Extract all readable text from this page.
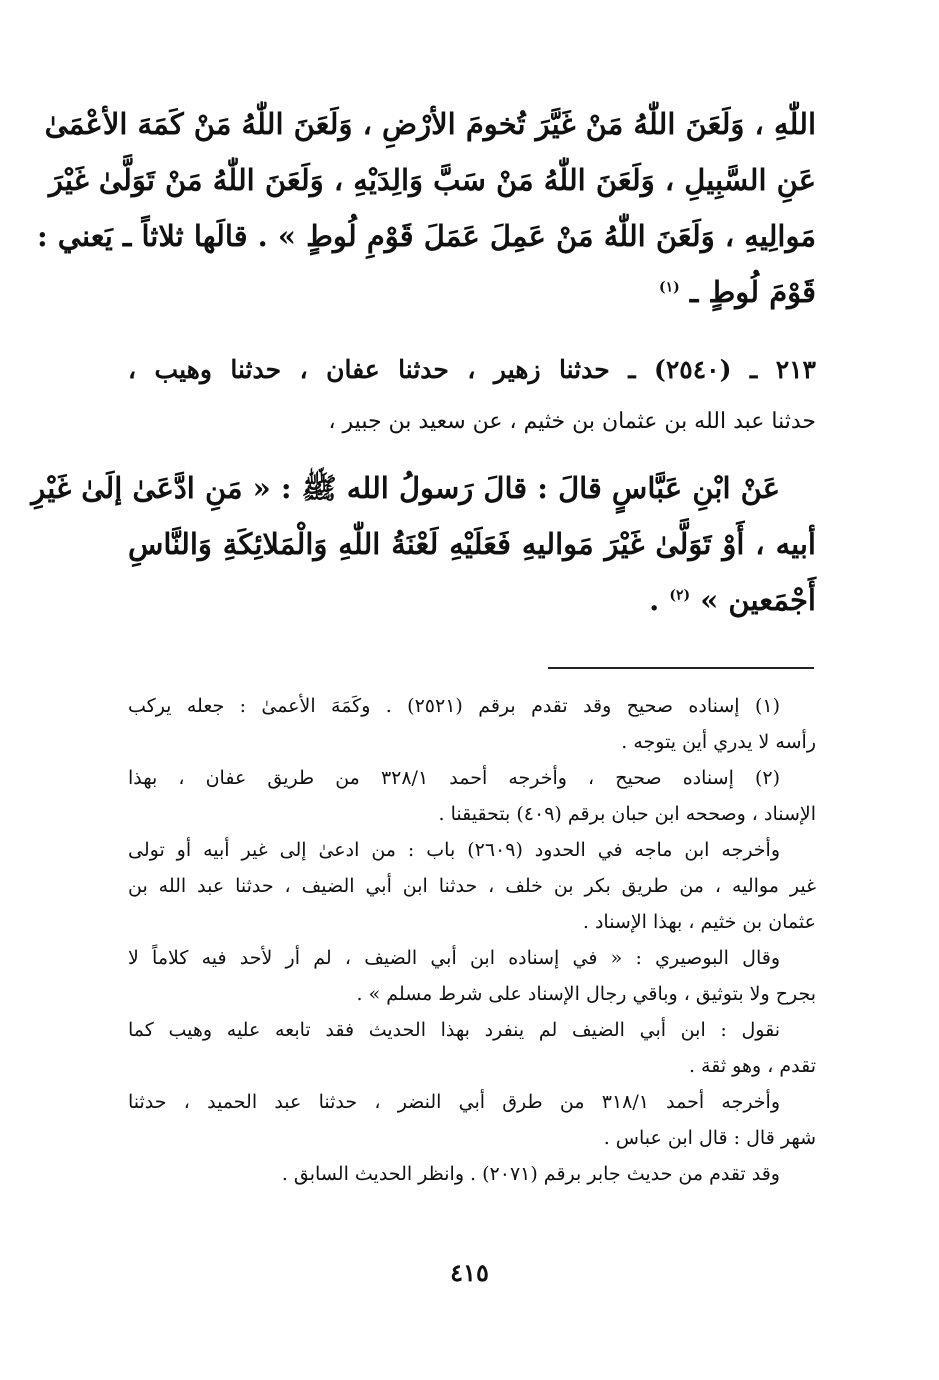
اللّٰهِ ، وَلَعَنَ اللّٰهُ مَنْ غَيَّرَ تُخومَ الأرْضِ ، وَلَعَنَ اللّٰهُ مَنْ كَمَهَ الأعْمَىٰ
عَنِ السَّبِيلِ ، وَلَعَنَ اللّٰهُ مَنْ سَبَّ وَالِدَيْهِ ، وَلَعَنَ اللّٰهُ مَنْ تَوَلَّىٰ غَيْرَ
مَوالِيهِ ، وَلَعَنَ اللّٰهُ مَنْ عَمِلَ عَمَلَ قَوْمِ لُوطٍ » . قالَها ثلاثاً ـ يَعني :
قَوْمَ لُوطٍ ـ $^{(١)}$
٢١٣ ـ (٢٥٤٠) ـ حدثنا زهير ، حدثنا عفان ، حدثنا وهيب ،
حدثنا عبد الله بن عثمان بن خثيم ، عن سعيد بن جبير ،
عَنْ ابْنِ عَبَّاسٍ قالَ : قالَ رَسولُ الله ﷺ : « مَنِ ادَّعَىٰ إلَىٰ غَيْرِ
أبيه ، أَوْ تَوَلَّىٰ غَيْرَ مَواليهِ فَعَلَيْهِ لَعْنَةُ اللّٰهِ وَالْمَلائِكَةِ وَالنَّاسِ
أَجْمَعين » $^{(٢)}$ .
(١) إسناده صحيح وقد تقدم برقم (٢٥٢١) . وكَمَهَ الأعمىٰ : جعله يركب
رأسه لا يدري أين يتوجه .
(٢) إسناده صحيح ، وأخرجه أحمد ٣٢٨/١ من طريق عفان ، بهذا
الإسناد ، وصححه ابن حبان برقم (٤٠٩) بتحقيقنا .
وأخرجه ابن ماجه في الحدود (٢٦٠٩) باب : من ادعىٰ إلى غير أبيه أو تولى
غير مواليه ، من طريق بكر بن خلف ، حدثنا ابن أبي الضيف ، حدثنا عبد الله بن
عثمان بن خثيم ، بهذا الإسناد .
وقال البوصيري : « في إسناده ابن أبي الضيف ، لم أر لأحد فيه كلاماً لا
بجرح ولا بتوثيق ، وباقي رجال الإسناد على شرط مسلم » .
نقول : ابن أبي الضيف لم ينفرد بهذا الحديث فقد تابعه عليه وهيب كما
تقدم ، وهو ثقة .
وأخرجه أحمد ٣١٨/١ من طرق أبي النضر ، حدثنا عبد الحميد ، حدثنا
شهر قال : قال ابن عباس .
وقد تقدم من حديث جابر برقم (٢٠٧١) . وانظر الحديث السابق .
٤١٥
